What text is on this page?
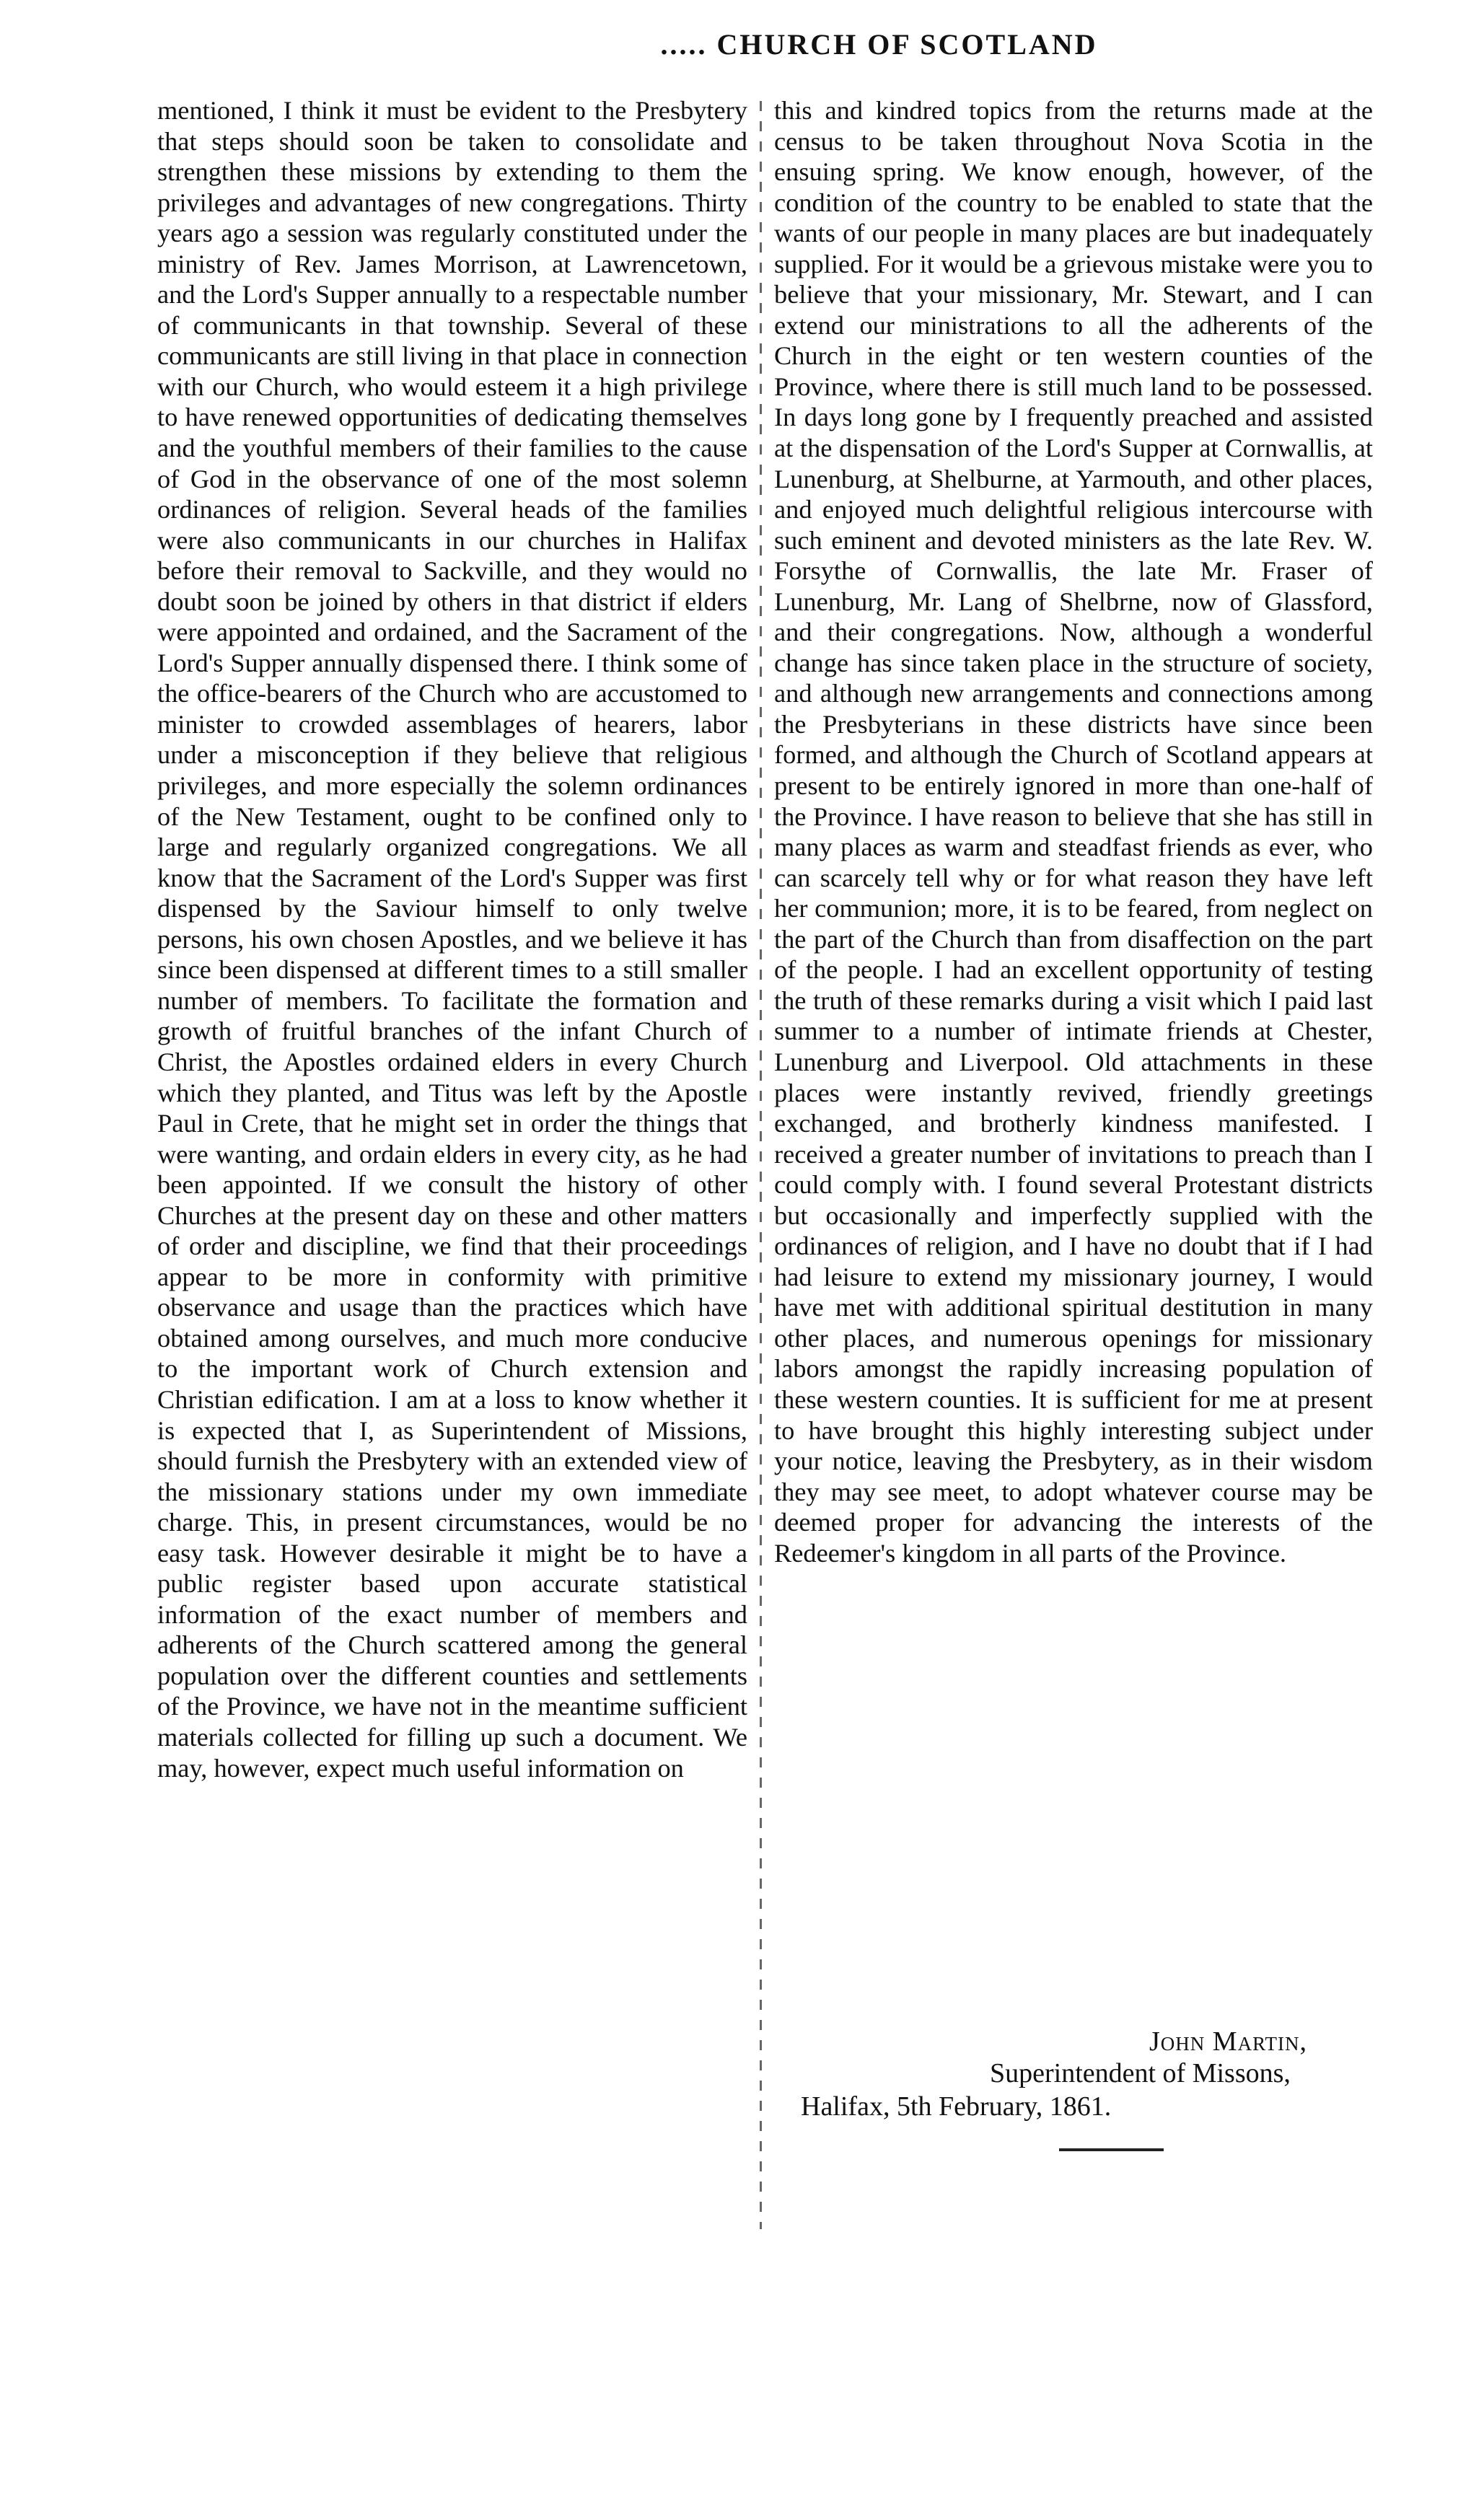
..... CHURCH OF SCOTLAND

mentioned, I think it must be evident to the Presbytery that steps should soon be taken to consolidate and strengthen these missions by extending to them the privileges and advantages of new congregations. Thirty years ago a session was regularly constituted under the ministry of Rev. James Morrison, at Lawrencetown, and the Lord's Supper annually to a respectable number of communicants in that township. Several of these communicants are still living in that place in connection with our Church, who would esteem it a high privilege to have renewed opportunities of dedicating themselves and the youthful members of their families to the cause of God in the observance of one of the most solemn ordinances of religion. Several heads of the families were also communicants in our churches in Halifax before their removal to Sackville, and they would no doubt soon be joined by others in that district if elders were appointed and ordained, and the Sacrament of the Lord's Supper annually dispensed there. I think some of the office-bearers of the Church who are accustomed to minister to crowded assemblages of hearers, labor under a misconception if they believe that religious privileges, and more especially the solemn ordinances of the New Testament, ought to be confined only to large and regularly organized congregations. We all know that the Sacrament of the Lord's Supper was first dispensed by the Saviour himself to only twelve persons, his own chosen Apostles, and we believe it has since been dispensed at different times to a still smaller number of members. To facilitate the formation and growth of fruitful branches of the infant Church of Christ, the Apostles ordained elders in every Church which they planted, and Titus was left by the Apostle Paul in Crete, that he might set in order the things that were wanting, and ordain elders in every city, as he had been appointed. If we consult the history of other Churches at the present day on these and other matters of order and discipline, we find that their proceedings appear to be more in conformity with primitive observance and usage than the practices which have obtained among ourselves, and much more conducive to the important work of Church extension and Christian edification. I am at a loss to know whether it is expected that I, as Superintendent of Missions, should furnish the Presbytery with an extended view of the missionary stations under my own immediate charge. This, in present circumstances, would be no easy task. However desirable it might be to have a public register based upon accurate statistical information of the exact number of members and adherents of the Church scattered among the general population over the different counties and settlements of the Province, we have not in the meantime sufficient materials collected for filling up such a document. We may, however, expect much useful information on

this and kindred topics from the returns made at the census to be taken throughout Nova Scotia in the ensuing spring. We know enough, however, of the condition of the country to be enabled to state that the wants of our people in many places are but inadequately supplied. For it would be a grievous mistake were you to believe that your missionary, Mr. Stewart, and I can extend our ministrations to all the adherents of the Church in the eight or ten western counties of the Province, where there is still much land to be possessed. In days long gone by I frequently preached and assisted at the dispensation of the Lord's Supper at Cornwallis, at Lunenburg, at Shelburne, at Yarmouth, and other places, and enjoyed much delightful religious intercourse with such eminent and devoted ministers as the late Rev. W. Forsythe of Cornwallis, the late Mr. Fraser of Lunenburg, Mr. Lang of Shelbrne, now of Glassford, and their congregations. Now, although a wonderful change has since taken place in the structure of society, and although new arrangements and connections among the Presbyterians in these districts have since been formed, and although the Church of Scotland appears at present to be entirely ignored in more than one-half of the Province. I have reason to believe that she has still in many places as warm and steadfast friends as ever, who can scarcely tell why or for what reason they have left her communion; more, it is to be feared, from neglect on the part of the Church than from disaffection on the part of the people. I had an excellent opportunity of testing the truth of these remarks during a visit which I paid last summer to a number of intimate friends at Chester, Lunenburg and Liverpool. Old attachments in these places were instantly revived, friendly greetings exchanged, and brotherly kindness manifested. I received a greater number of invitations to preach than I could comply with. I found several Protestant districts but occasionally and imperfectly supplied with the ordinances of religion, and I have no doubt that if I had had leisure to extend my missionary journey, I would have met with additional spiritual destitution in many other places, and numerous openings for missionary labors amongst the rapidly increasing population of these western counties. It is sufficient for me at present to have brought this highly interesting subject under your notice, leaving the Presbytery, as in their wisdom they may see meet, to adopt whatever course may be deemed proper for advancing the interests of the Redeemer's kingdom in all parts of the Province.

John Martin,
Superintendent of Missons,
Halifax, 5th February, 1861.
